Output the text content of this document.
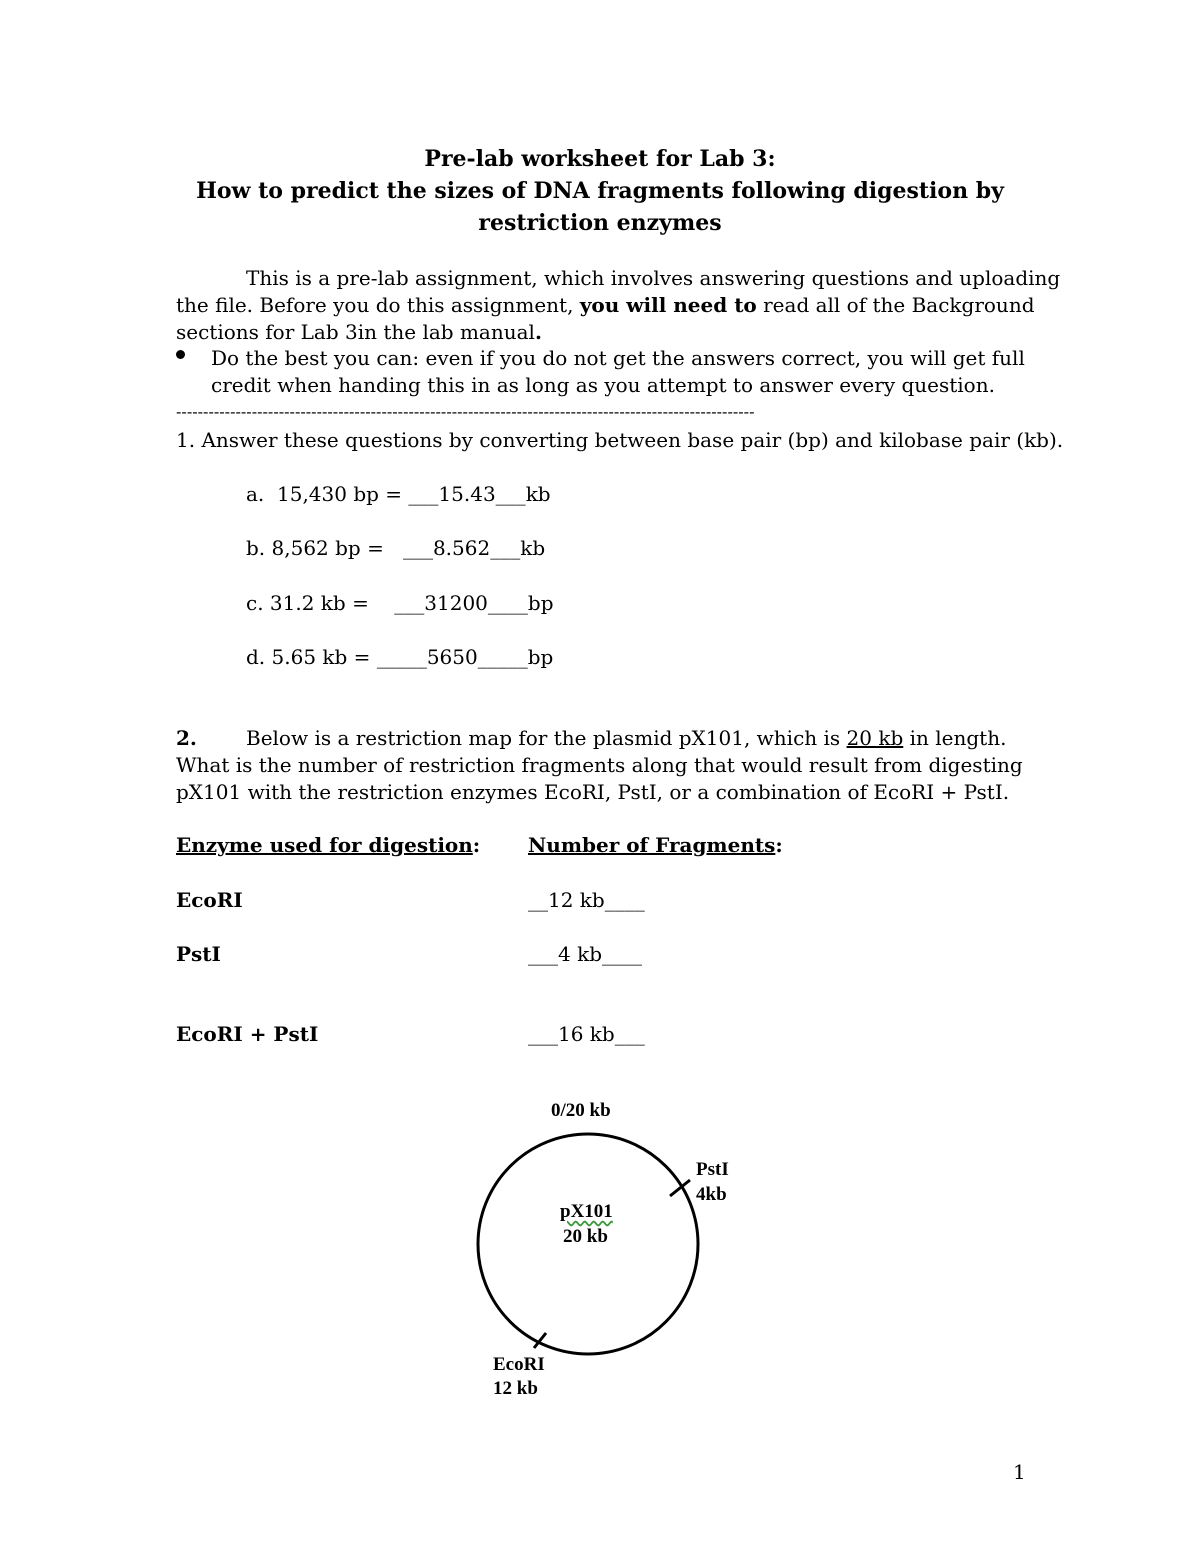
Pre-lab worksheet for Lab 3:
How to predict the sizes of DNA fragments following digestion by
restriction enzymes
This is a pre-lab assignment, which involves answering questions and uploading
the file. Before you do this assignment, you will need to read all of the Background
sections for Lab 3in the lab manual.
Do the best you can: even if you do not get the answers correct, you will get full
credit when handing this in as long as you attempt to answer every question.
-----------------------------------------------------------------------------------------------------------
1. Answer these questions by converting between base pair (bp) and kilobase pair (kb).
a.  15,430 bp = ___15.43___kb
b. 8,562 bp =   ___8.562___kb
c. 31.2 kb =    ___31200____bp
d. 5.65 kb = _____5650_____bp
2. Below is a restriction map for the plasmid pX101, which is 20 kb in length.
What is the number of restriction fragments along that would result from digesting
pX101 with the restriction enzymes EcoRI, PstI, or a combination of EcoRI + PstI.
Enzyme used for digestion: Number of Fragments:
EcoRI	__12 kb____
PstI	___4 kb____
EcoRI + PstI	___16 kb___
0/20 kb
PstI
4kb
pX101
20 kb
EcoRI
12 kb
1
